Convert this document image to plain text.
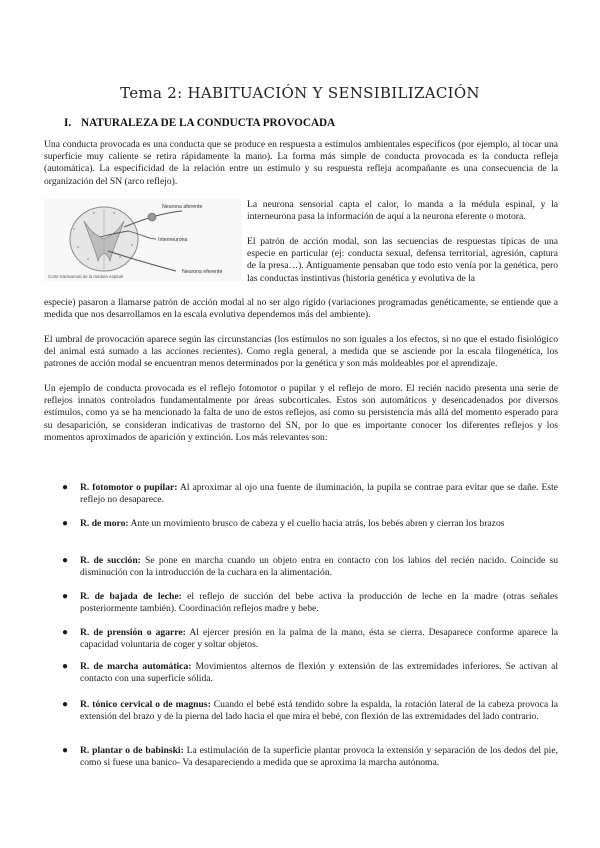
Tema 2: HABITUACIÓN Y SENSIBILIZACIÓN
I. NATURALEZA DE LA CONDUCTA PROVOCADA

Una conducta provocada es una conducta que se produce en respuesta a estímulos ambientales específicos (por ejemplo, al tocar una superficie muy caliente se retira rápidamente la mano). La forma más simple de conducta provocada es la conducta refleja (automática). La especificidad de la relación entre un estímulo y su respuesta refleja acompañante es una consecuencia de la organización del SN (arco reflejo).

Neurona aferente
Interneurona
Neurona eferente
Corte transversal de la médula espinal

La neurona sensorial capta el calor, lo manda a la médula espinal, y la interneurona pasa la información de aquí a la neurona eferente o motora.

El patrón de acción modal, son las secuencias de respuestas típicas de una especie en particular (ej: conducta sexual, defensa territorial, agresión, captura de la presa…). Antiguamente pensaban que todo esto venía por la genética, pero las conductas instintivas (historia genética y evolutiva de la

especie) pasaron a llamarse patrón de acción modal al no ser algo rígido (variaciones programadas genéticamente, se entiende que a medida que nos desarrollamos en la escala evolutiva dependemos más del ambiente).

El umbral de provocación aparece según las circunstancias (los estímulos no son iguales a los efectos, si no que el estado fisiológico del animal está sumado a las acciones recientes). Como regla general, a medida que se asciende por la escala filogenética, los patrones de acción modal se encuentran menos determinados por la genética y son más moldeables por el aprendizaje.

Un ejemplo de conducta provocada es el reflejo fotomotor o pupilar y el reflejo de moro. El recién nacido presenta una serie de reflejos innatos controlados fundamentalmente por áreas subcorticales. Estos son automáticos y desencadenados por diversos estímulos, como ya se ha mencionado la falta de uno de estos reflejos, así como su persistencia más allá del momento esperado para su desaparición, se consideran indicativas de trastorno del SN, por lo que es importante conocer los diferentes reflejos y los momentos aproximados de aparición y extinción. Los más relevantes son:

● R. fotomotor o pupilar: Al aproximar al ojo una fuente de iluminación, la pupila se contrae para evitar que se dañe. Este reflejo no desaparece.
● R. de moro: Ante un movimiento brusco de cabeza y el cuello hacia atrás, los bebés abren y cierran los brazos
● R. de succión: Se pone en marcha cuando un objeto entra en contacto con los labios del recién nacido. Coincide su disminución con la introducción de la cuchara en la alimentación.
● R. de bajada de leche: el reflejo de succión del bebe activa la producción de leche en la madre (otras señales posteriormente también). Coordinación reflejos madre y bebe.
● R. de prensión o agarre: Al ejercer presión en la palma de la mano, ésta se cierra. Desaparece conforme aparece la capacidad voluntaria de coger y soltar objetos.
● R. de marcha automática: Movimientos alternos de flexión y extensión de las extremidades inferiores. Se activan al contacto con una superficie sólida.
● R. tónico cervical o de magnus: Cuando el bebé está tendido sobre la espalda, la rotación lateral de la cabeza provoca la extensión del brazo y de la pierna del lado hacia el que mira el bebé, con flexión de las extremidades del lado contrario.
● R. plantar o de babinski: La estimulación de la superficie plantar provoca la extensión y separación de los dedos del pie, como si fuese una banico- Va desapareciendo a medida que se aproxima la marcha autónoma.
